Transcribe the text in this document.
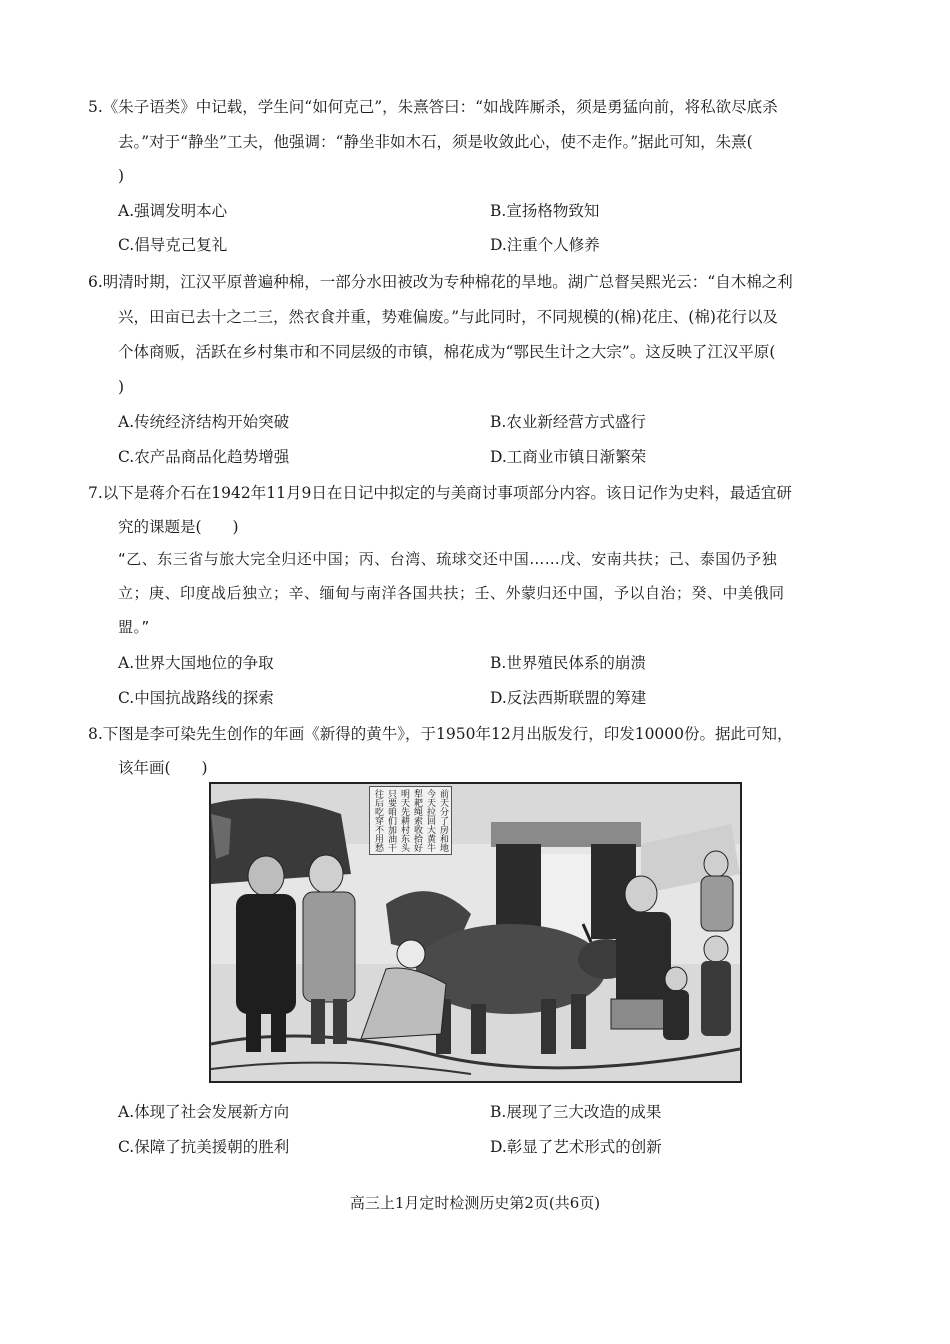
5.《朱子语类》中记载，学生问“如何克己”，朱熹答曰：“如战阵厮杀，须是勇猛向前，将私欲尽底杀
去。”对于“静坐”工夫，他强调：“静坐非如木石，须是收敛此心，使不走作。”据此可知，朱熹(
)
A.强调发明本心	B.宣扬格物致知
C.倡导克己复礼	D.注重个人修养
6.明清时期，江汉平原普遍种棉，一部分水田被改为专种棉花的旱地。湖广总督吴熙光云：“自木棉之利
兴，田亩已去十之二三，然衣食并重，势难偏废。”与此同时，不同规模的(棉)花庄、(棉)花行以及
个体商贩，活跃在乡村集市和不同层级的市镇，棉花成为“鄂民生计之大宗”。这反映了江汉平原(
)
A.传统经济结构开始突破	B.农业新经营方式盛行
C.农产品商品化趋势增强	D.工商业市镇日渐繁荣
7.以下是蒋介石在1942年11月9日在日记中拟定的与美商讨事项部分内容。该日记作为史料，最适宜研
究的课题是(　　)
“乙、东三省与旅大完全归还中国；丙、台湾、琉球交还中国……戊、安南共扶；己、泰国仍予独
立；庚、印度战后独立；辛、缅甸与南洋各国共扶；壬、外蒙归还中国，予以自治；癸、中美俄同
盟。”
A.世界大国地位的争取	B.世界殖民体系的崩溃
C.中国抗战路线的探索	D.反法西斯联盟的筹建
8.下图是李可染先生创作的年画《新得的黄牛》，于1950年12月出版发行，印发10000份。据此可知，
该年画(　　)
往后吃穿不用愁 只要咱们加油干 明天先耕村东头 犁耙绳索收拾好 今天拉回大黄牛 前天分了房和地
A.体现了社会发展新方向	B.展现了三大改造的成果
C.保障了抗美援朝的胜利	D.彰显了艺术形式的创新
高三上1月定时检测历史第2页(共6页)
